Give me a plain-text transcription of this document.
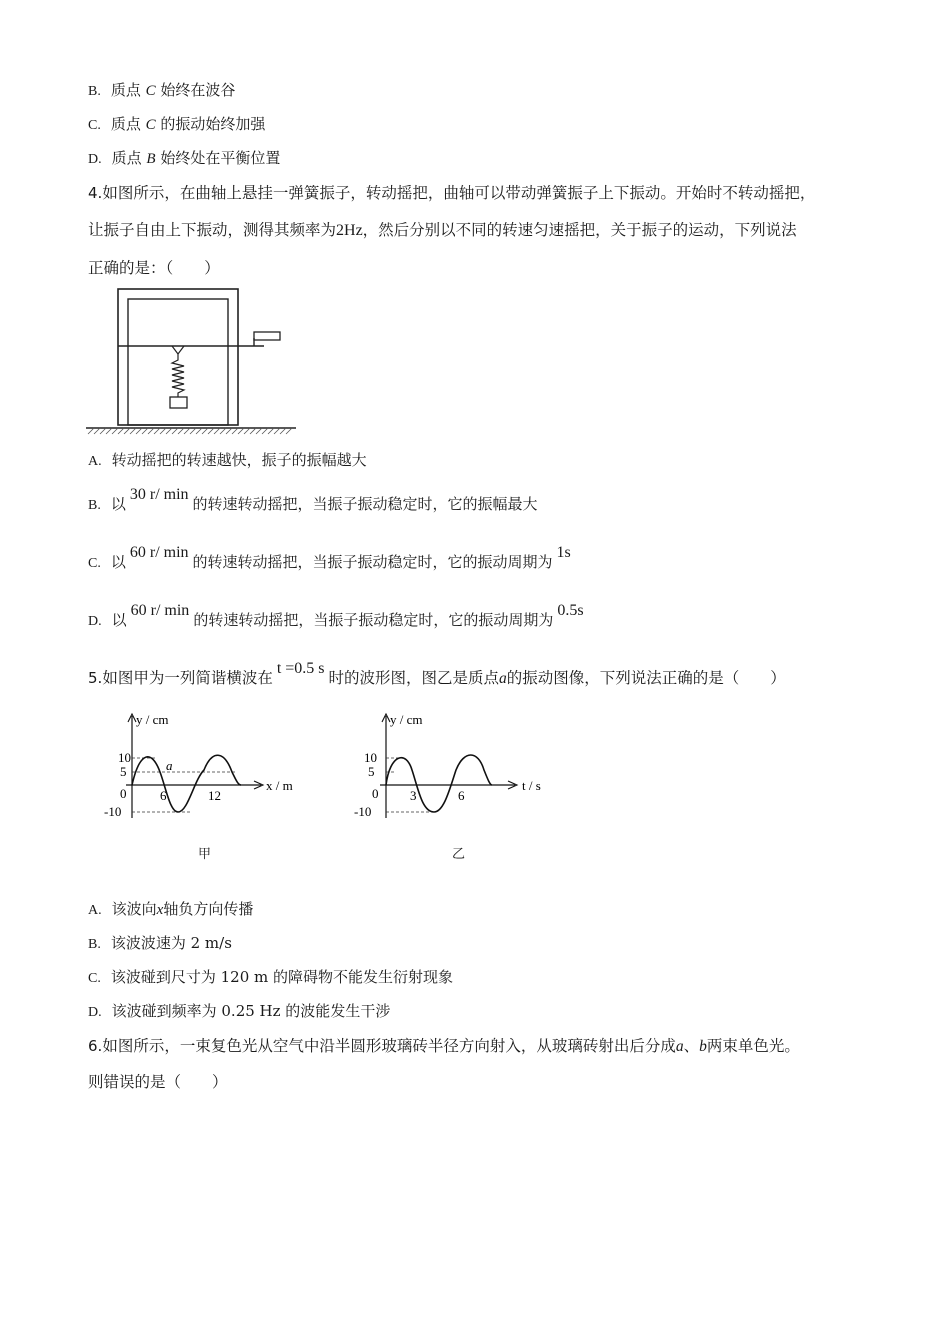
B. 质点 C 始终在波谷
C. 质点 C 的振动始终加强
D. 质点 B 始终处在平衡位置
4.如图所示，在曲轴上悬挂一弹簧振子，转动摇把，曲轴可以带动弹簧振子上下振动。开始时不转动摇把，
让振子自由上下振动，测得其频率为2Hz，然后分别以不同的转速匀速摇把，关于振子的运动，下列说法
正确的是：（　　）
A. 转动摇把的转速越快，振子的振幅越大
B. 以30 r/ min的转速转动摇把，当振子振动稳定时，它的振幅最大
C. 以60 r/ min的转速转动摇把，当振子振动稳定时，它的振动周期为1s
D. 以60 r/ min的转速转动摇把，当振子振动稳定时，它的振动周期为0.5s
5.如图甲为一列简谐横波在t =0.5 s时的波形图，图乙是质点a的振动图像，下列说法正确的是（　　）
y / cm
x / m
10
5
0
-10
6	12
a
甲
y / cm
t / s
10
5
0
-10
3	6
乙
A. 该波向x轴负方向传播
B. 该波波速为 2 m/s
C. 该波碰到尺寸为 120 m 的障碍物不能发生衍射现象
D. 该波碰到频率为 0.25 Hz 的波能发生干涉
6.如图所示，一束复色光从空气中沿半圆形玻璃砖半径方向射入，从玻璃砖射出后分成a、b两束单色光。
则错误的是（　　）
